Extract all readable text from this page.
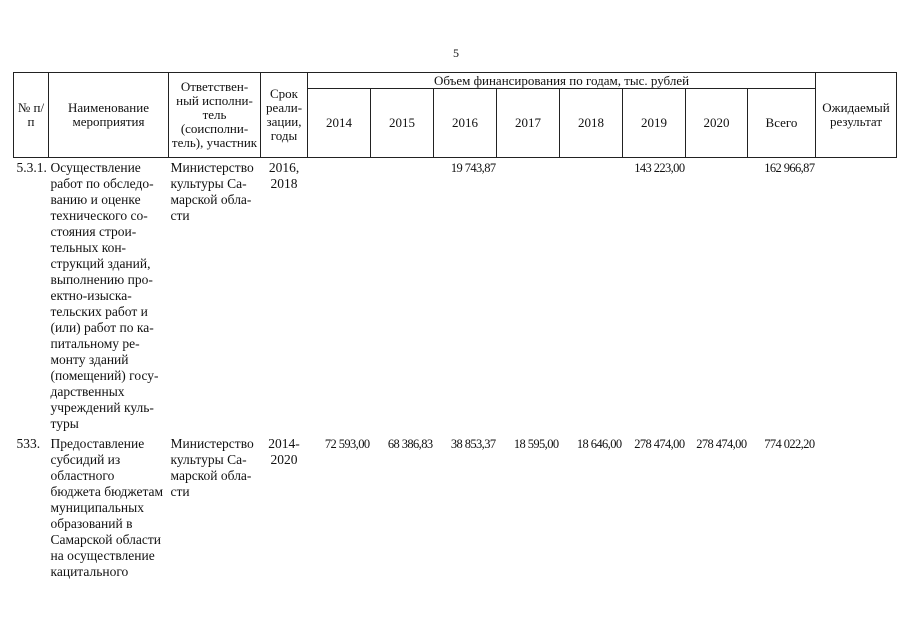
5
№ п/п	Наименование мероприятия	Ответствен-ный исполни-тель (соисполни-тель), участник	Срок реали-зации, годы	Объем финансирования по годам, тыс. рублей								Ожидаемый результат
				2014	2015	2016	2017	2018	2019	2020	Всего	
5.3.1.	Осуществление работ по обследо-ванию и оценке технического со-стояния строи-тельных кон-струкций зданий, выполнению про-ектно-изыска-тельских работ и (или) работ по ка-питальному ре-монту зданий (помещений) госу-дарственных учреждений куль-туры	Министерство культуры Са-марской обла-сти	2016, 2018			19 743,87			143 223,00		162 966,87	
533.	Предоставление субсидий из областного бюджета бюджетам муниципальных образований в Самарской области на осуществление кацитального	Министерство культуры Са-марской обла-сти	2014-2020	72 593,00	68 386,83	38 853,37	18 595,00	18 646,00	278 474,00	278 474,00	774 022,20	
